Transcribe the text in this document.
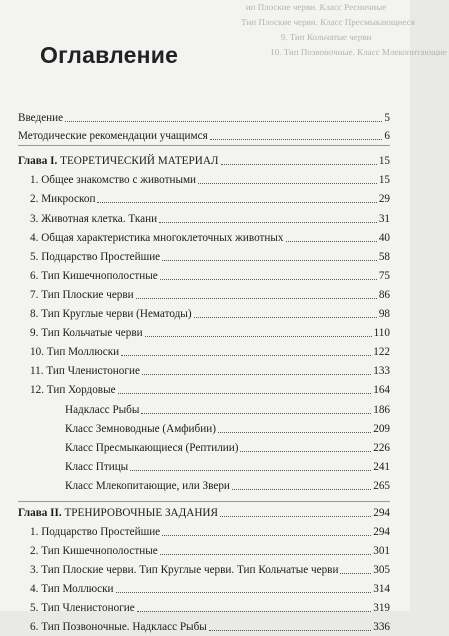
ип Плоские черви. Класс Ресничные
Тип Плоские черви. Класс Пресмыкающиеся
9. Тип Кольчатые черви
10. Тип Позвоночные. Класс Млекопитающие
Оглавление
Введение	5
Методические рекомендации учащимся	6
Глава I. ТЕОРЕТИЧЕСКИЙ МАТЕРИАЛ	15
1. Общее знакомство с животными	15
2. Микроскоп	29
3. Животная клетка. Ткани	31
4. Общая характеристика многоклеточных животных	40
5. Подцарство Простейшие	58
6. Тип Кишечнополостные	75
7. Тип Плоские черви	86
8. Тип Круглые черви (Нематоды)	98
9. Тип Кольчатые черви	110
10. Тип Моллюски	122
11. Тип Членистоногие	133
12. Тип Хордовые	164
Надкласс Рыбы	186
Класс Земноводные (Амфибии)	209
Класс Пресмыкающиеся (Рептилии)	226
Класс Птицы	241
Класс Млекопитающие, или Звери	265
Глава II. ТРЕНИРОВОЧНЫЕ ЗАДАНИЯ	294
1. Подцарство Простейшие	294
2. Тип Кишечнополостные	301
3. Тип Плоские черви. Тип Круглые черви. Тип Кольчатые черви	305
4. Тип Моллюски	314
5. Тип Членистоногие	319
6. Тип Позвоночные. Надкласс Рыбы	336
